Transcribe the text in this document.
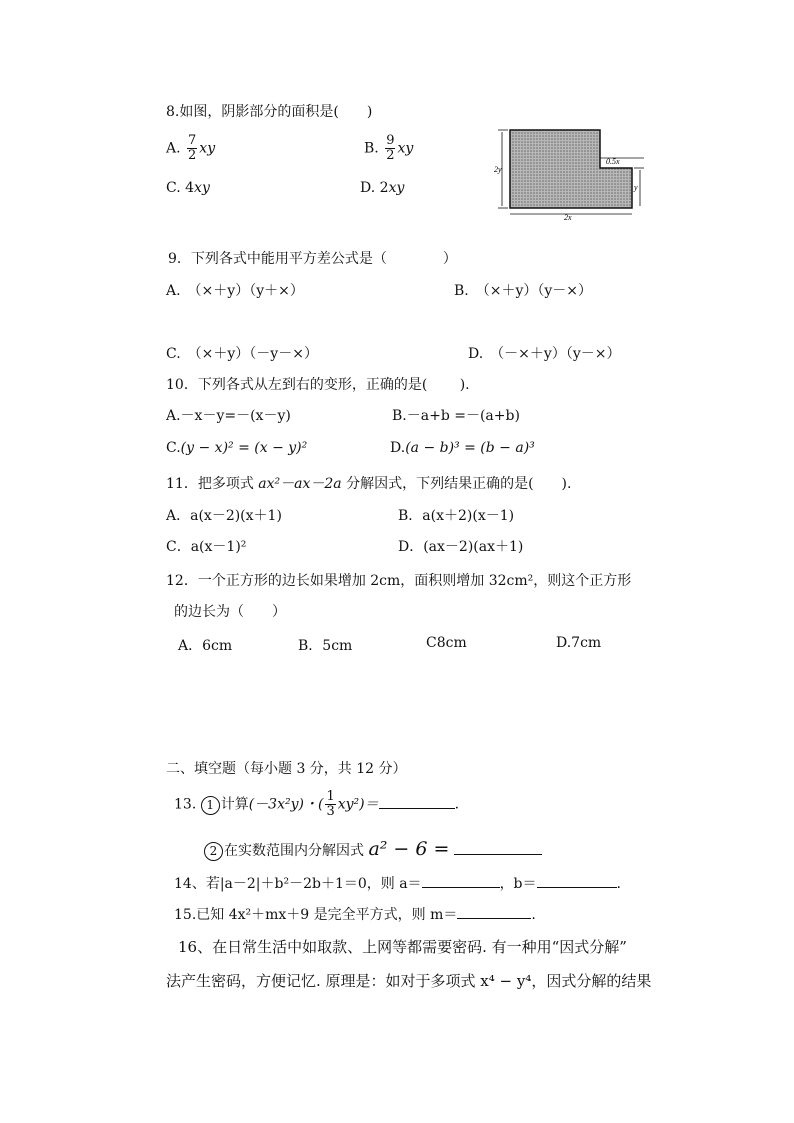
8.如图，阴影部分的面积是(　　)
A. $\frac{7}{2}$ xy	B. $\frac{9}{2}$ xy
C. 4xy	D. 2xy
2y
0.5x
y
2x
9．下列各式中能用平方差公式是（　　　　）
A.　（×＋y）（y＋×）	B.　（×＋y）（y－×）
C.　（×＋y）（－y－×）	D.　（－×＋y）（y－×）
10．下列各式从左到右的变形，正确的是(　　 ).
A.－x－y=－(x－y)	B.－a+b =－(a+b)
C.(y − x)² = (x − y)²	D.(a − b)³ = (b − a)³
11．把多项式 ax²－ax－2a 分解因式，下列结果正确的是(　　).
A．a(x－2)(x＋1)	B．a(x＋2)(x－1)
C．a(x－1)²	D．(ax－2)(ax＋1)
12．一个正方形的边长如果增加 2cm，面积则增加 32cm²，则这个正方形
的边长为（　　）
A．6cm	B．5cm	C8cm	D.7cm
二、填空题（每小题 3 分，共 12 分）
13. 1 计算(－3x²y)・( $\frac{1}{3} xy^2)=$	.
2 在实数范围内分解因式 a² − 6 =
14、若|a－2|＋b²－2b＋1＝0，则 a＝	，b＝	.
15.已知 4x²＋mx＋9 是完全平方式，则 m＝	.
16、在日常生活中如取款、上网等都需要密码. 有一种用“因式分解”
法产生密码，方便记忆. 原理是：如对于多项式 x⁴ − y⁴，因式分解的结果
